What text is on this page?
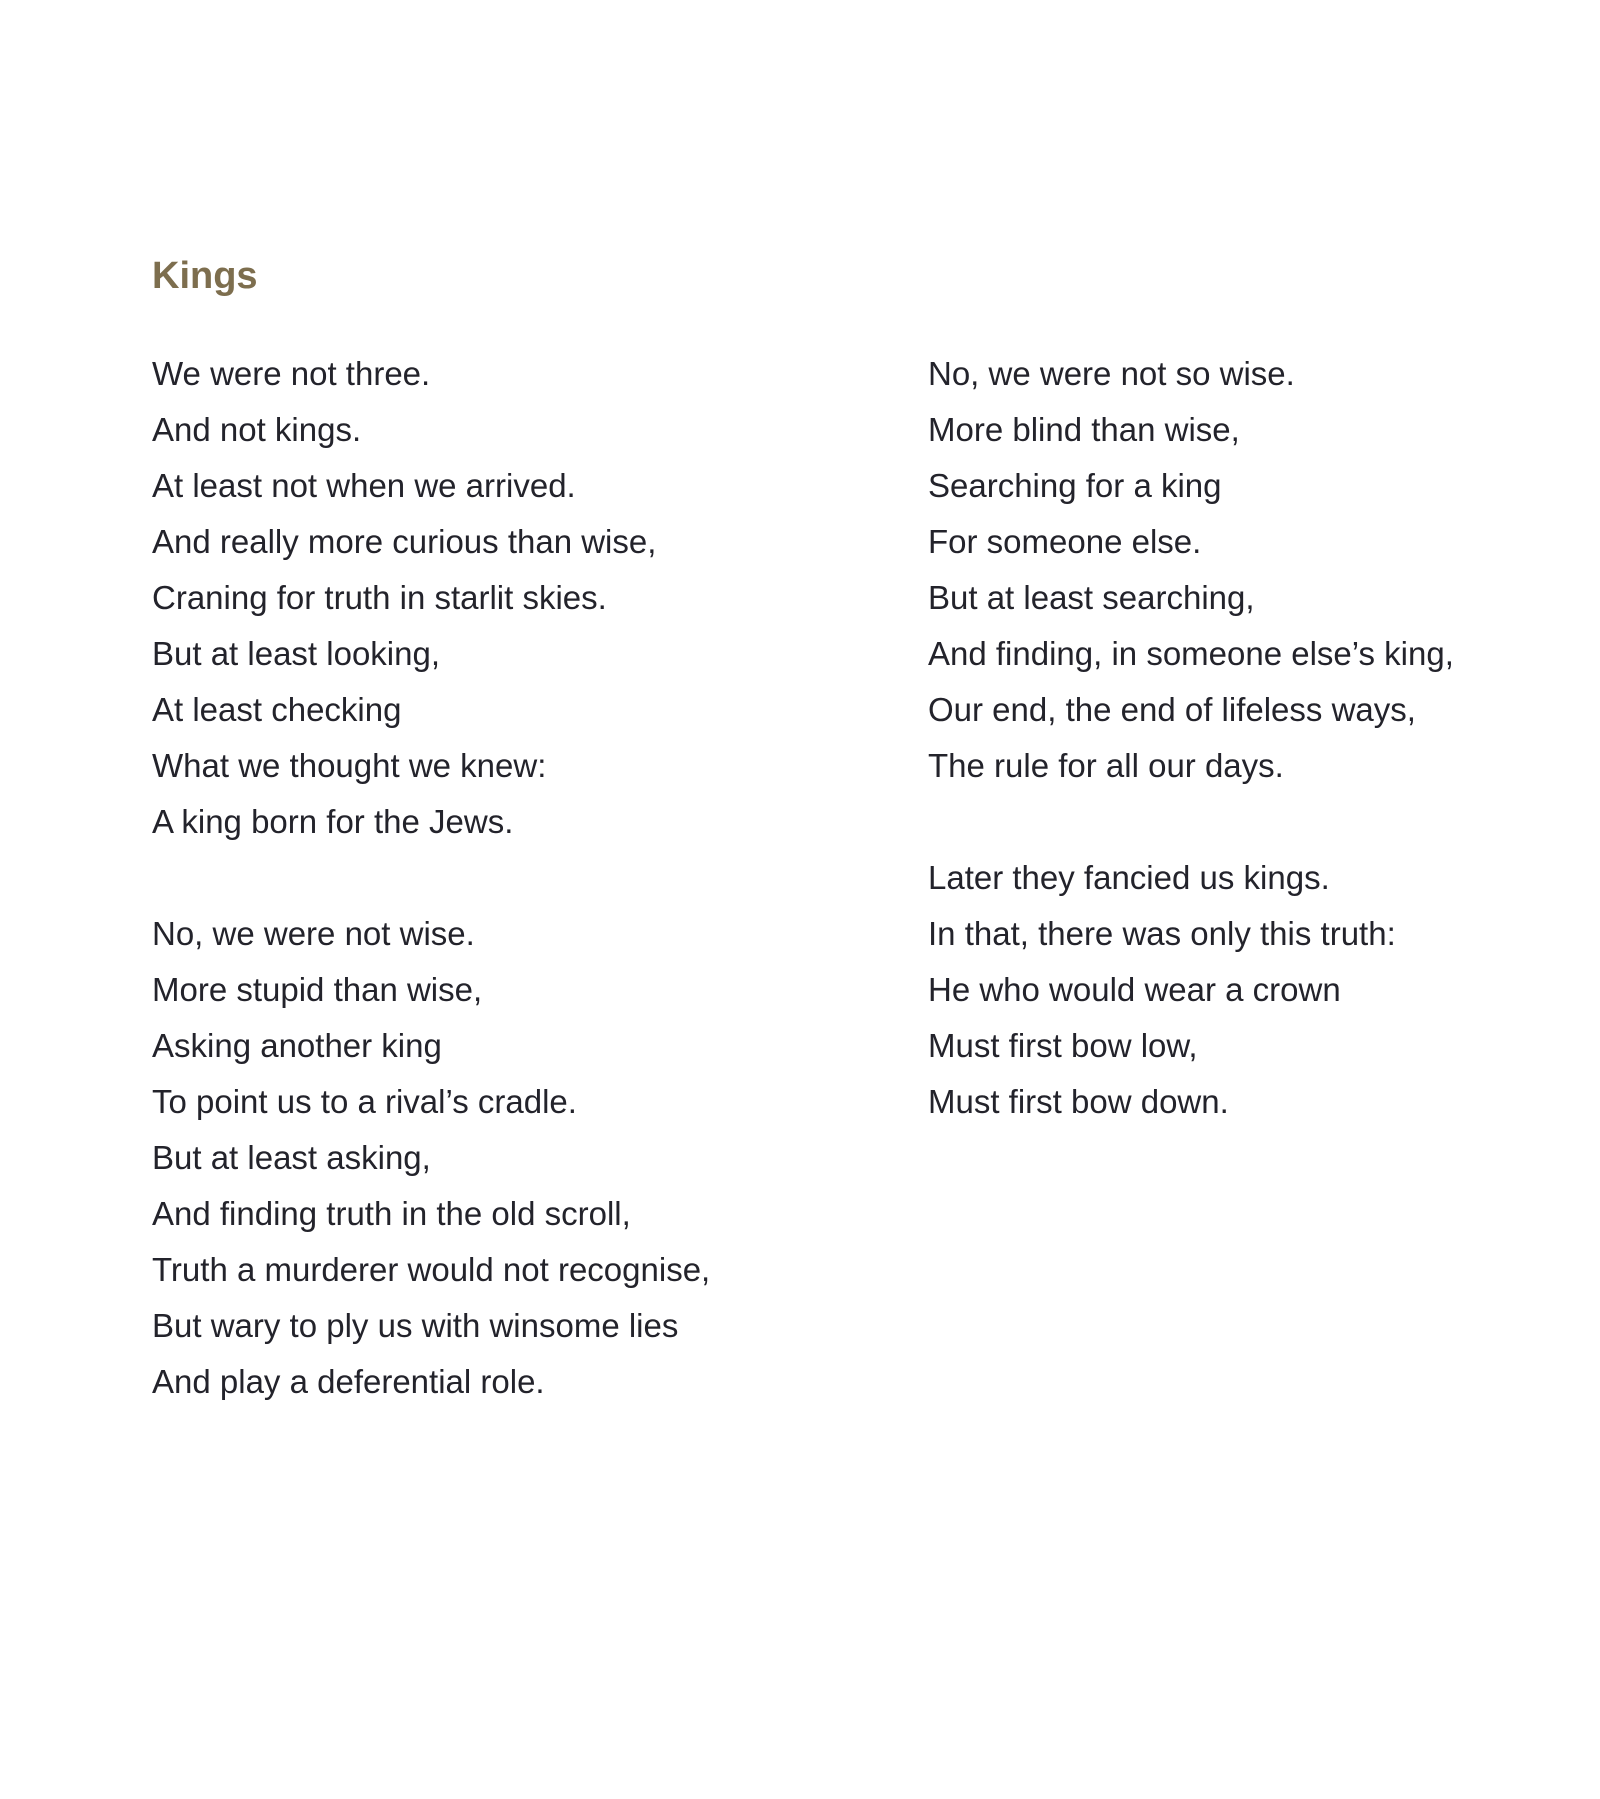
Kings
We were not three.
And not kings.
At least not when we arrived.
And really more curious than wise,
Craning for truth in starlit skies.
But at least looking,
At least checking
What we thought we knew:
A king born for the Jews.
No, we were not wise.
More stupid than wise,
Asking another king
To point us to a rival’s cradle.
But at least asking,
And finding truth in the old scroll,
Truth a murderer would not recognise,
But wary to ply us with winsome lies
And play a deferential role.
No, we were not so wise.
More blind than wise,
Searching for a king
For someone else.
But at least searching,
And finding, in someone else’s king,
Our end, the end of lifeless ways,
The rule for all our days.
Later they fancied us kings.
In that, there was only this truth:
He who would wear a crown
Must first bow low,
Must first bow down.
